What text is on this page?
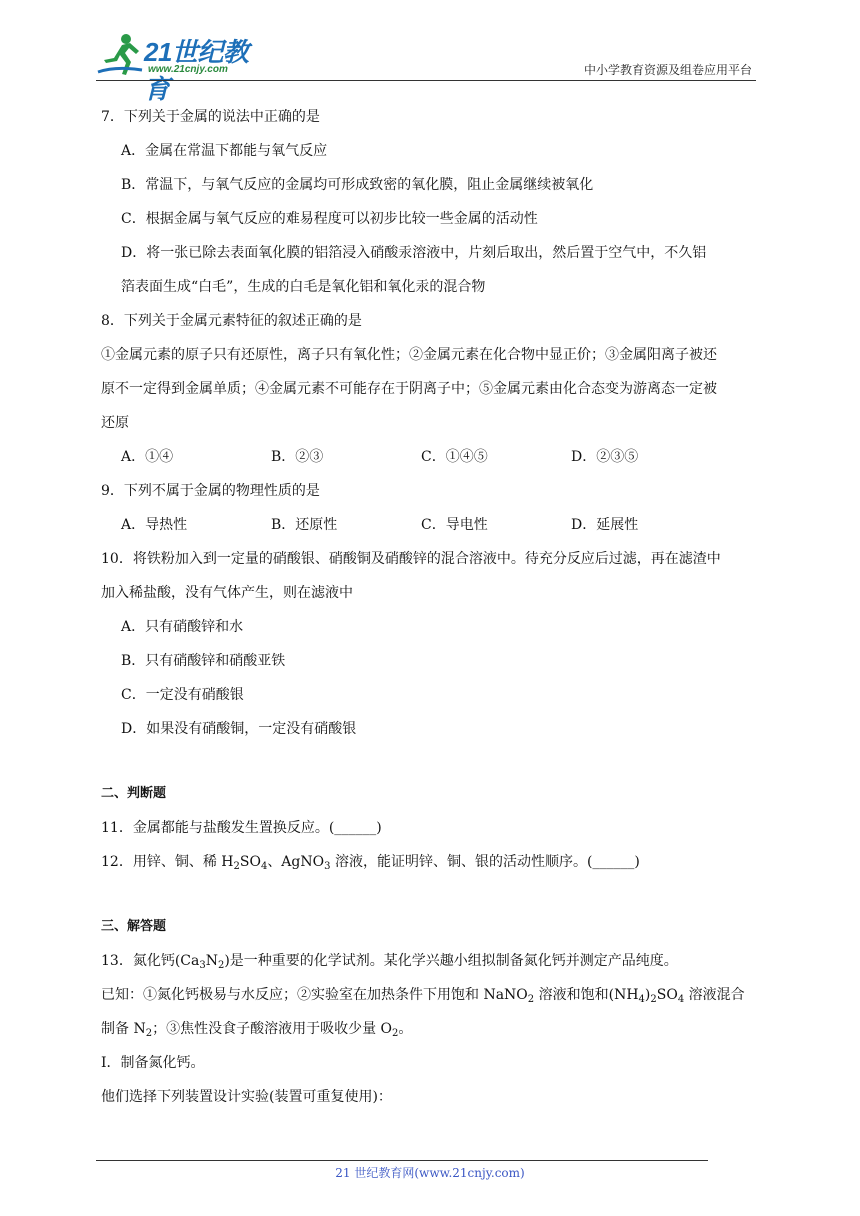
21世纪教育
www.21cnjy.com	中小学教育资源及组卷应用平台

7．下列关于金属的说法中正确的是

A．金属在常温下都能与氧气反应

B．常温下，与氧气反应的金属均可形成致密的氧化膜，阻止金属继续被氧化

C．根据金属与氧气反应的难易程度可以初步比较一些金属的活动性

D．将一张已除去表面氧化膜的铝箔浸入硝酸汞溶液中，片刻后取出，然后置于空气中，不久铝

箔表面生成“白毛”，生成的白毛是氧化铝和氧化汞的混合物

8．下列关于金属元素特征的叙述正确的是

①金属元素的原子只有还原性，离子只有氧化性；②金属元素在化合物中显正价；③金属阳离子被还

原不一定得到金属单质；④金属元素不可能存在于阴离子中；⑤金属元素由化合态变为游离态一定被

还原

A．①④	B．②③	C．①④⑤	D．②③⑤

9．下列不属于金属的物理性质的是

A．导热性	B．还原性	C．导电性	D．延展性

10．将铁粉加入到一定量的硝酸银、硝酸铜及硝酸锌的混合溶液中。待充分反应后过滤，再在滤渣中

加入稀盐酸，没有气体产生，则在滤液中

A．只有硝酸锌和水

B．只有硝酸锌和硝酸亚铁

C．一定没有硝酸银

D．如果没有硝酸铜，一定没有硝酸银

二、判断题

11．金属都能与盐酸发生置换反应。(______)

12．用锌、铜、稀 $H_2SO_4$、AgNO$_3$ 溶液，能证明锌、铜、银的活动性顺序。(______)

三、解答题

13．氮化钙$(Ca_3N_2)$是一种重要的化学试剂。某化学兴趣小组拟制备氮化钙并测定产品纯度。

已知：①氮化钙极易与水反应；②实验室在加热条件下用饱和 NaNO$_2$ 溶液和饱和$(NH_4)_2SO_4$ 溶液混合

制备 $N_2$；③焦性没食子酸溶液用于吸收少量 $O_2$。

I．制备氮化钙。

他们选择下列装置设计实验(装置可重复使用)：

21 世纪教育网(www.21cnjy.com)
